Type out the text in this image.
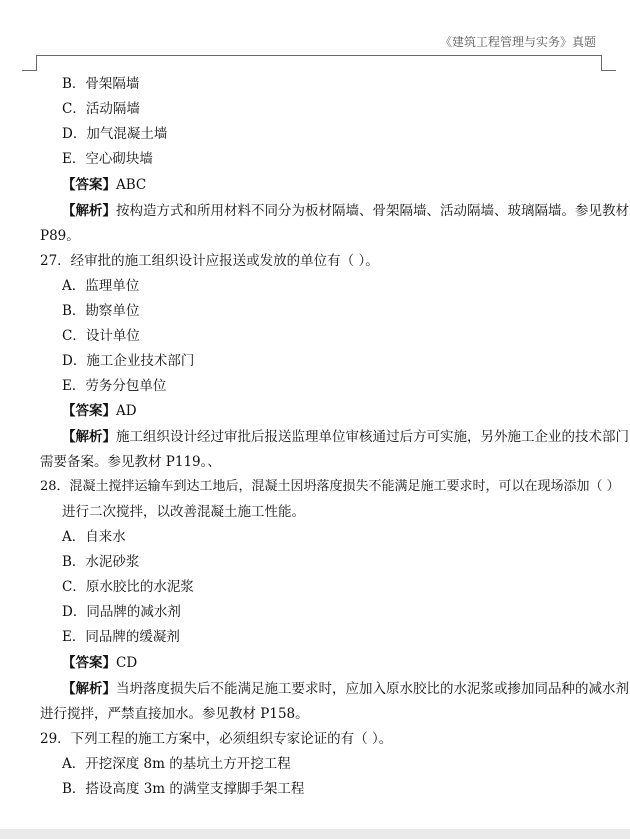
《建筑工程管理与实务》真题
B．骨架隔墙
C．活动隔墙
D．加气混凝土墙
E．空心砌块墙
【答案】ABC
【解析】按构造方式和所用材料不同分为板材隔墙、骨架隔墙、活动隔墙、玻璃隔墙。参见教材
P89。
27．经审批的施工组织设计应报送或发放的单位有（ ）。
A．监理单位
B．勘察单位
C．设计单位
D．施工企业技术部门
E．劳务分包单位
【答案】AD
【解析】施工组织设计经过审批后报送监理单位审核通过后方可实施，另外施工企业的技术部门
需要备案。参见教材 P119。、
28．混凝土搅拌运输车到达工地后，混凝土因坍落度损失不能满足施工要求时，可以在现场添加（ ）
进行二次搅拌，以改善混凝土施工性能。
A．自来水
B．水泥砂浆
C．原水胶比的水泥浆
D．同品牌的减水剂
E．同品牌的缓凝剂
【答案】CD
【解析】当坍落度损失后不能满足施工要求时，应加入原水胶比的水泥浆或掺加同品种的减水剂
进行搅拌，严禁直接加水。参见教材 P158。
29．下列工程的施工方案中，必须组织专家论证的有（ ）。
A．开挖深度 8m 的基坑土方开挖工程
B．搭设高度 3m 的满堂支撑脚手架工程
